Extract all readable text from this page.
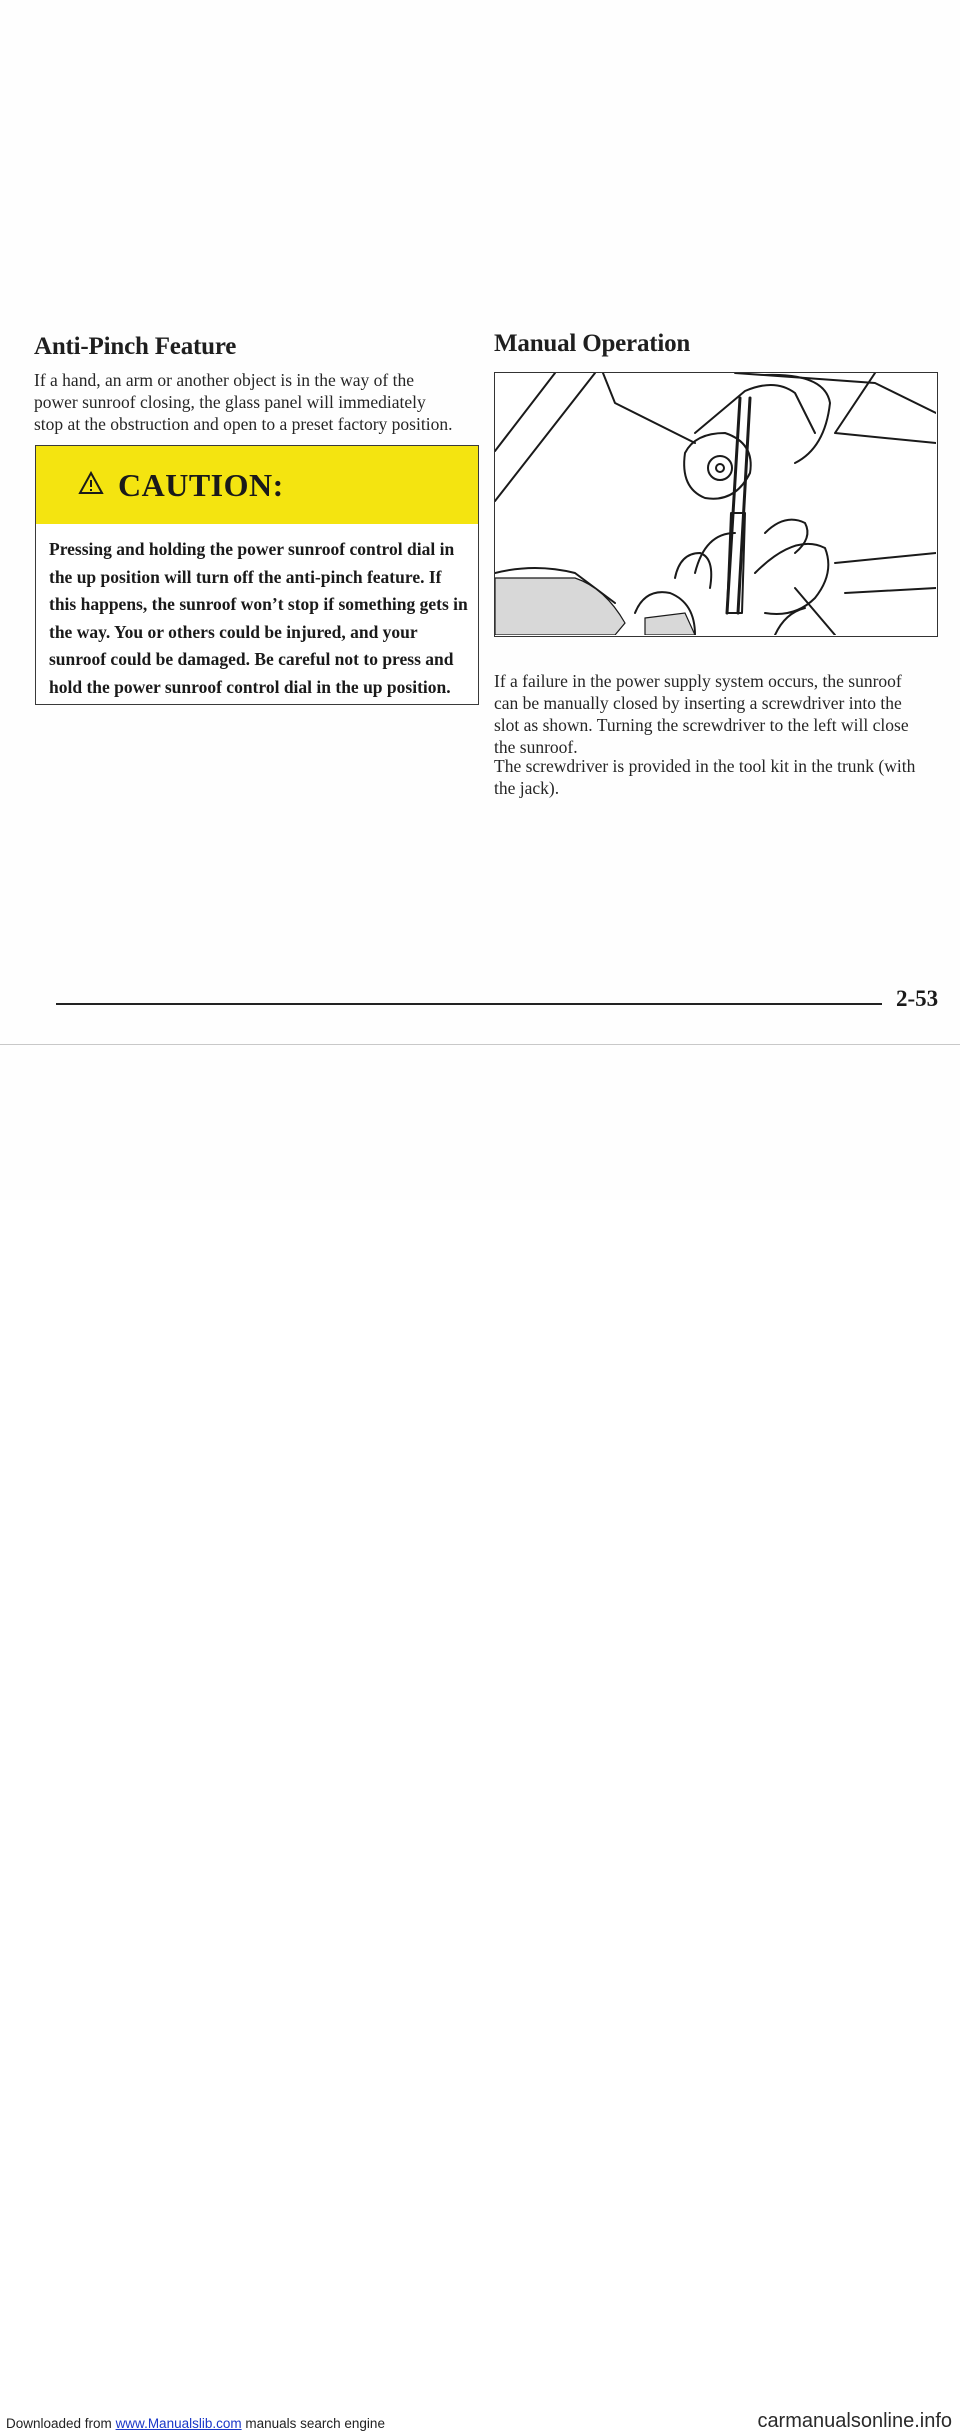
Anti-Pinch Feature

If a hand, an arm or another object is in the way of the power sunroof closing, the glass panel will immediately stop at the obstruction and open to a preset factory position.

CAUTION:

Pressing and holding the power sunroof control dial in the up position will turn off the anti-pinch feature. If this happens, the sunroof won’t stop if something gets in the way. You or others could be injured, and your sunroof could be damaged. Be careful not to press and hold the power sunroof control dial in the up position.

Manual Operation

If a failure in the power supply system occurs, the sunroof can be manually closed by inserting a screwdriver into the slot as shown. Turning the screwdriver to the left will close the sunroof.

The screwdriver is provided in the tool kit in the trunk (with the jack).

2-53
Downloaded from www.Manualslib.com manuals search engine	carmanualsonline.info
